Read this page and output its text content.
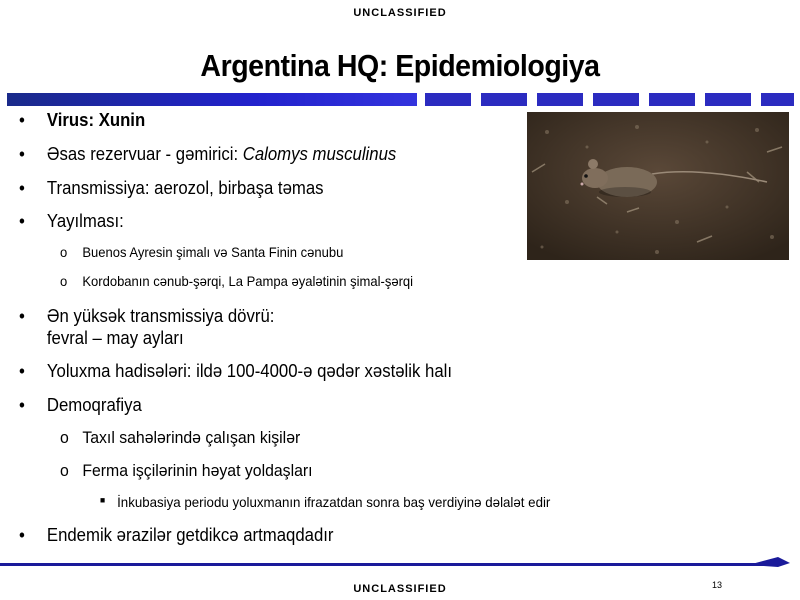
UNCLASSIFIED
Argentina HQ: Epidemiologiya
• Virus: Xunin
• Əsas rezervuar - gəmirici: Calomys musculinus
• Transmissiya: aerozol, birbaşa təmas
• Yayılması:
o Buenos Ayresin şimalı və Santa Finin cənubu
o Kordobanın cənub-şərqi, La Pampa əyalətinin şimal-şərqi
• Ən yüksək transmissiya dövrü:
fevral – may ayları
• Yoluxma hadisələri: ildə 100-4000-ə qədər xəstəlik halı
• Demoqrafiya
o Taxıl sahələrində çalışan kişilər
o Ferma işçilərinin həyat yoldaşları
■ İnkubasiya periodu yoluxmanın ifrazatdan sonra baş verdiyinə dəlalət edir
• Endemik ərazilər getdikcə artmaqdadır
13
UNCLASSIFIED
